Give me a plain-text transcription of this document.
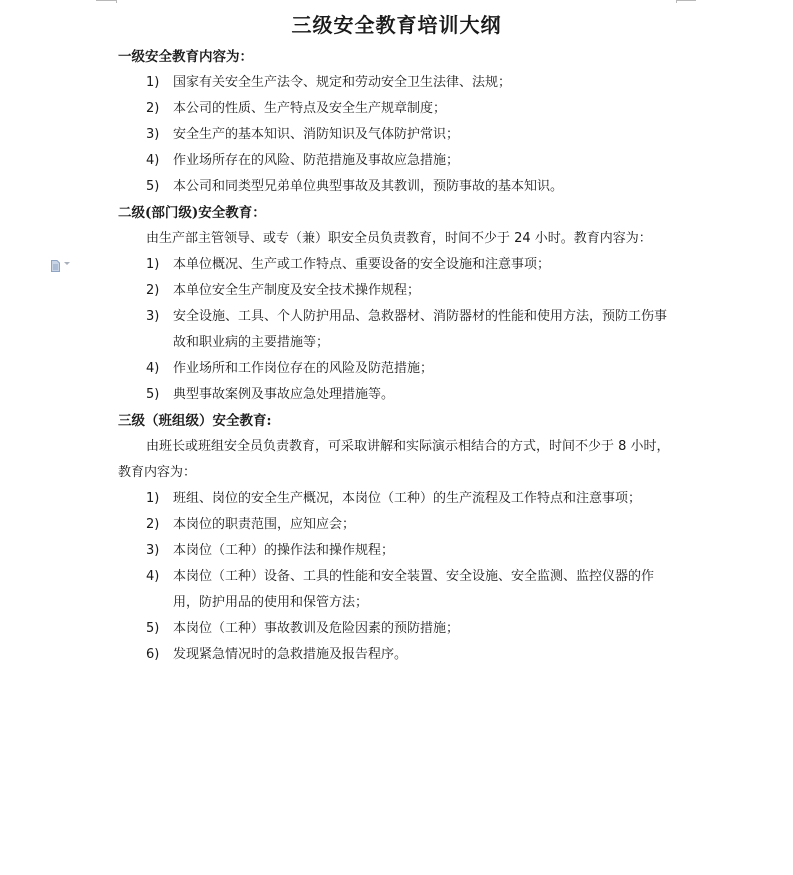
三级安全教育培训大纲
一级安全教育内容为：
1) 国家有关安全生产法令、规定和劳动安全卫生法律、法规；
2) 本公司的性质、生产特点及安全生产规章制度；
3) 安全生产的基本知识、消防知识及气体防护常识；
4) 作业场所存在的风险、防范措施及事故应急措施；
5) 本公司和同类型兄弟单位典型事故及其教训，预防事故的基本知识。
二级(部门级)安全教育：
由生产部主管领导、或专（兼）职安全员负责教育，时间不少于 24 小时。教育内容为：
1) 本单位概况、生产或工作特点、重要设备的安全设施和注意事项；
2) 本单位安全生产制度及安全技术操作规程；
3) 安全设施、工具、个人防护用品、急救器材、消防器材的性能和使用方法，预防工伤事故和职业病的主要措施等；
4) 作业场所和工作岗位存在的风险及防范措施；
5) 典型事故案例及事故应急处理措施等。
三级（班组级）安全教育:
由班长或班组安全员负责教育，可采取讲解和实际演示相结合的方式，时间不少于 8 小时，教育内容为：
1) 班组、岗位的安全生产概况，本岗位（工种）的生产流程及工作特点和注意事项；
2) 本岗位的职责范围，应知应会；
3) 本岗位（工种）的操作法和操作规程；
4) 本岗位（工种）设备、工具的性能和安全装置、安全设施、安全监测、监控仪器的作用，防护用品的使用和保管方法；
5) 本岗位（工种）事故教训及危险因素的预防措施；
6) 发现紧急情况时的急救措施及报告程序。
